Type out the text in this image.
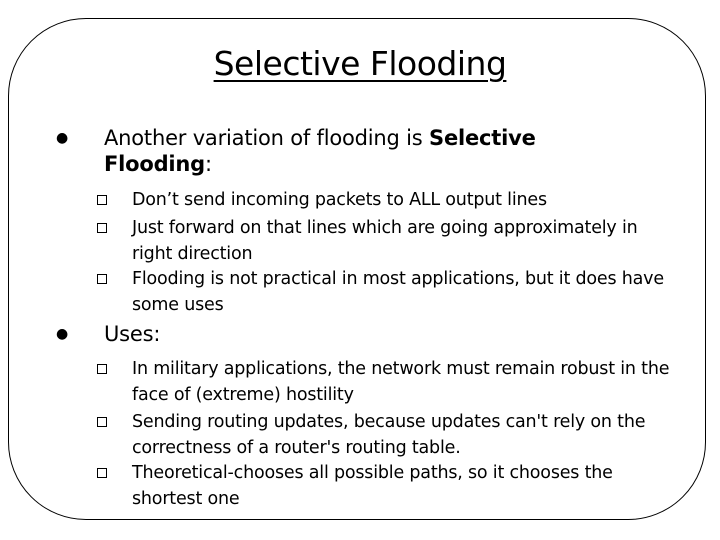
Selective Flooding
● Another variation of flooding is Selective Flooding:
Don’t send incoming packets to ALL output lines
Just forward on that lines which are going approximately in right direction
Flooding is not practical in most applications, but it does have some uses
● Uses:
In military applications, the network must remain robust in the face of (extreme) hostility
Sending routing updates, because updates can't rely on the correctness of a router's routing table.
Theoretical-chooses all possible paths, so it chooses the shortest one
